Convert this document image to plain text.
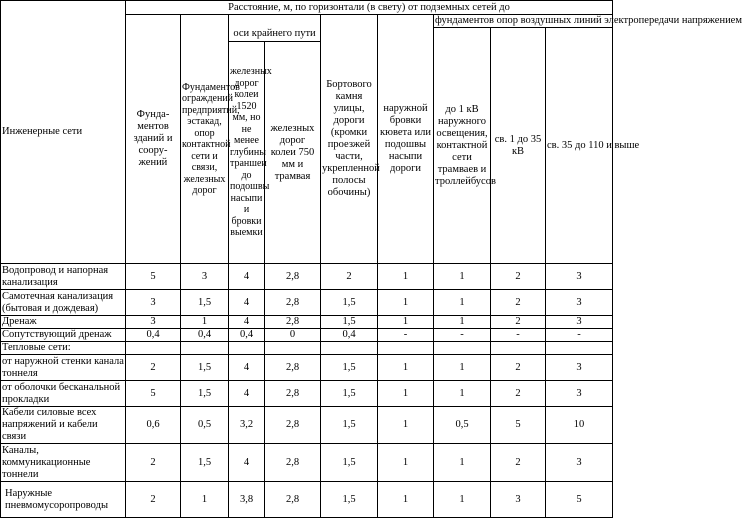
Инженерные сети	Расстояние, м, по горизонтали (в свету) от подземных сетей до								
	Фунда-ментов зданий и соору-жений	Фундаментов ограждений предприятий, эстакад, опор контактной сети и связи, железных дорог			Бортового камня улицы, дороги (кромки проезжей части, укрепленной полосы обочины)	наружной бровки кювета или подошвы насыпи дороги	фундаментов опор воздушных линий электропередачи напряжением		
			оси крайнего пути				до 1 кВ наружного освещения, контактной сети трамваев и троллейбусов	св. 1 до 35 кВ	св. 35 до 110 и выше
			железных дорог колеи 1520 мм, но не менее глубины траншеи до подошвы насыпи и бровки выемки	железных дорог колеи 750 мм и трамвая					
Водопровод и напорная канализация	5	3	4	2,8	2	1	1	2	3
Самотечная канализация (бытовая и дождевая)	3	1,5	4	2,8	1,5	1	1	2	3
Дренаж	3	1	4	2,8	1,5	1	1	2	3
Сопутствующий дренаж	0,4	0,4	0,4	0	0,4	-	-	-	-
Тепловые сети:									
от наружной стенки канала тоннеля	2	1,5	4	2,8	1,5	1	1	2	3
от оболочки бесканальной прокладки	5	1,5	4	2,8	1,5	1	1	2	3
Кабели силовые всех напряжений и кабели связи	0,6	0,5	3,2	2,8	1,5	1	0,5	5	10
Каналы, коммуникационные тоннели	2	1,5	4	2,8	1,5	1	1	2	3
Наружные пневмомусоропроводы	2	1	3,8	2,8	1,5	1	1	3	5
